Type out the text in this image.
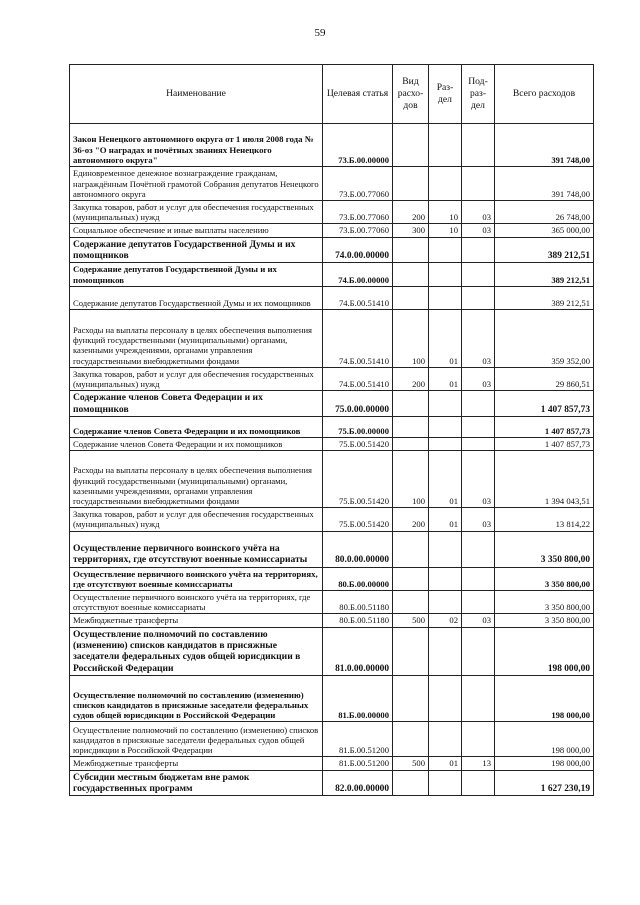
59
Наименование	Целевая статья	Вид расхо- дов	Раз- дел	Под- раз- дел	Всего расходов
Закон Ненецкого автономного округа от 1 июля 2008 года № 36-оз "О наградах и почётных званиях Ненецкого автономного округа"	73.Б.00.00000				391 748,00
Единовременное денежное вознаграждение гражданам, награждённым Почётной грамотой Собрания депутатов Ненецкого автономного округа	73.Б.00.77060				391 748,00
Закупка товаров, работ и услуг для обеспечения государственных (муниципальных) нужд	73.Б.00.77060	200	10	03	26 748,00
Социальное обеспечение и иные выплаты населению	73.Б.00.77060	300	10	03	365 000,00
Содержание депутатов Государственной Думы и их помощников	74.0.00.00000				389 212,51
Содержание депутатов Государственной Думы и их помощников	74.Б.00.00000				389 212,51
Содержание депутатов Государственной Думы и их помощников	74.Б.00.51410				389 212,51
Расходы на выплаты персоналу в целях обеспечения выполнения функций государственными (муниципальными) органами, казенными учреждениями, органами управления государственными внебюджетными фондами	74.Б.00.51410	100	01	03	359 352,00
Закупка товаров, работ и услуг для обеспечения государственных (муниципальных) нужд	74.Б.00.51410	200	01	03	29 860,51
Содержание членов Совета Федерации и их помощников	75.0.00.00000				1 407 857,73
Содержание членов Совета Федерации и их помощников	75.Б.00.00000				1 407 857,73
Содержание членов Совета Федерации и их помощников	75.Б.00.51420				1 407 857,73
Расходы на выплаты персоналу в целях обеспечения выполнения функций государственными (муниципальными) органами, казенными учреждениями, органами управления государственными внебюджетными фондами	75.Б.00.51420	100	01	03	1 394 043,51
Закупка товаров, работ и услуг для обеспечения государственных (муниципальных) нужд	75.Б.00.51420	200	01	03	13 814,22
Осуществление первичного воинского учёта на территориях, где отсутствуют военные комиссариаты	80.0.00.00000				3 350 800,00
Осуществление первичного воинского учёта на территориях, где отсутствуют военные комиссариаты	80.Б.00.00000				3 350 800,00
Осуществление первичного воинского учёта на территориях, где отсутствуют военные комиссариаты	80.Б.00.51180				3 350 800,00
Межбюджетные трансферты	80.Б.00.51180	500	02	03	3 350 800,00
Осуществление полномочий по составлению (изменению) списков кандидатов в присяжные заседатели федеральных судов общей юрисдикции в Российской Федерации	81.0.00.00000				198 000,00
Осуществление полномочий по составлению (изменению) списков кандидатов в присяжные заседатели федеральных судов общей юрисдикции в Российской Федерации	81.Б.00.00000				198 000,00
Осуществление полномочий по составлению (изменению) списков кандидатов в присяжные заседатели федеральных судов общей юрисдикции в Российской Федерации	81.Б.00.51200				198 000,00
Межбюджетные трансферты	81.Б.00.51200	500	01	13	198 000,00
Субсидии местным бюджетам вне рамок государственных программ	82.0.00.00000				1 627 230,19
